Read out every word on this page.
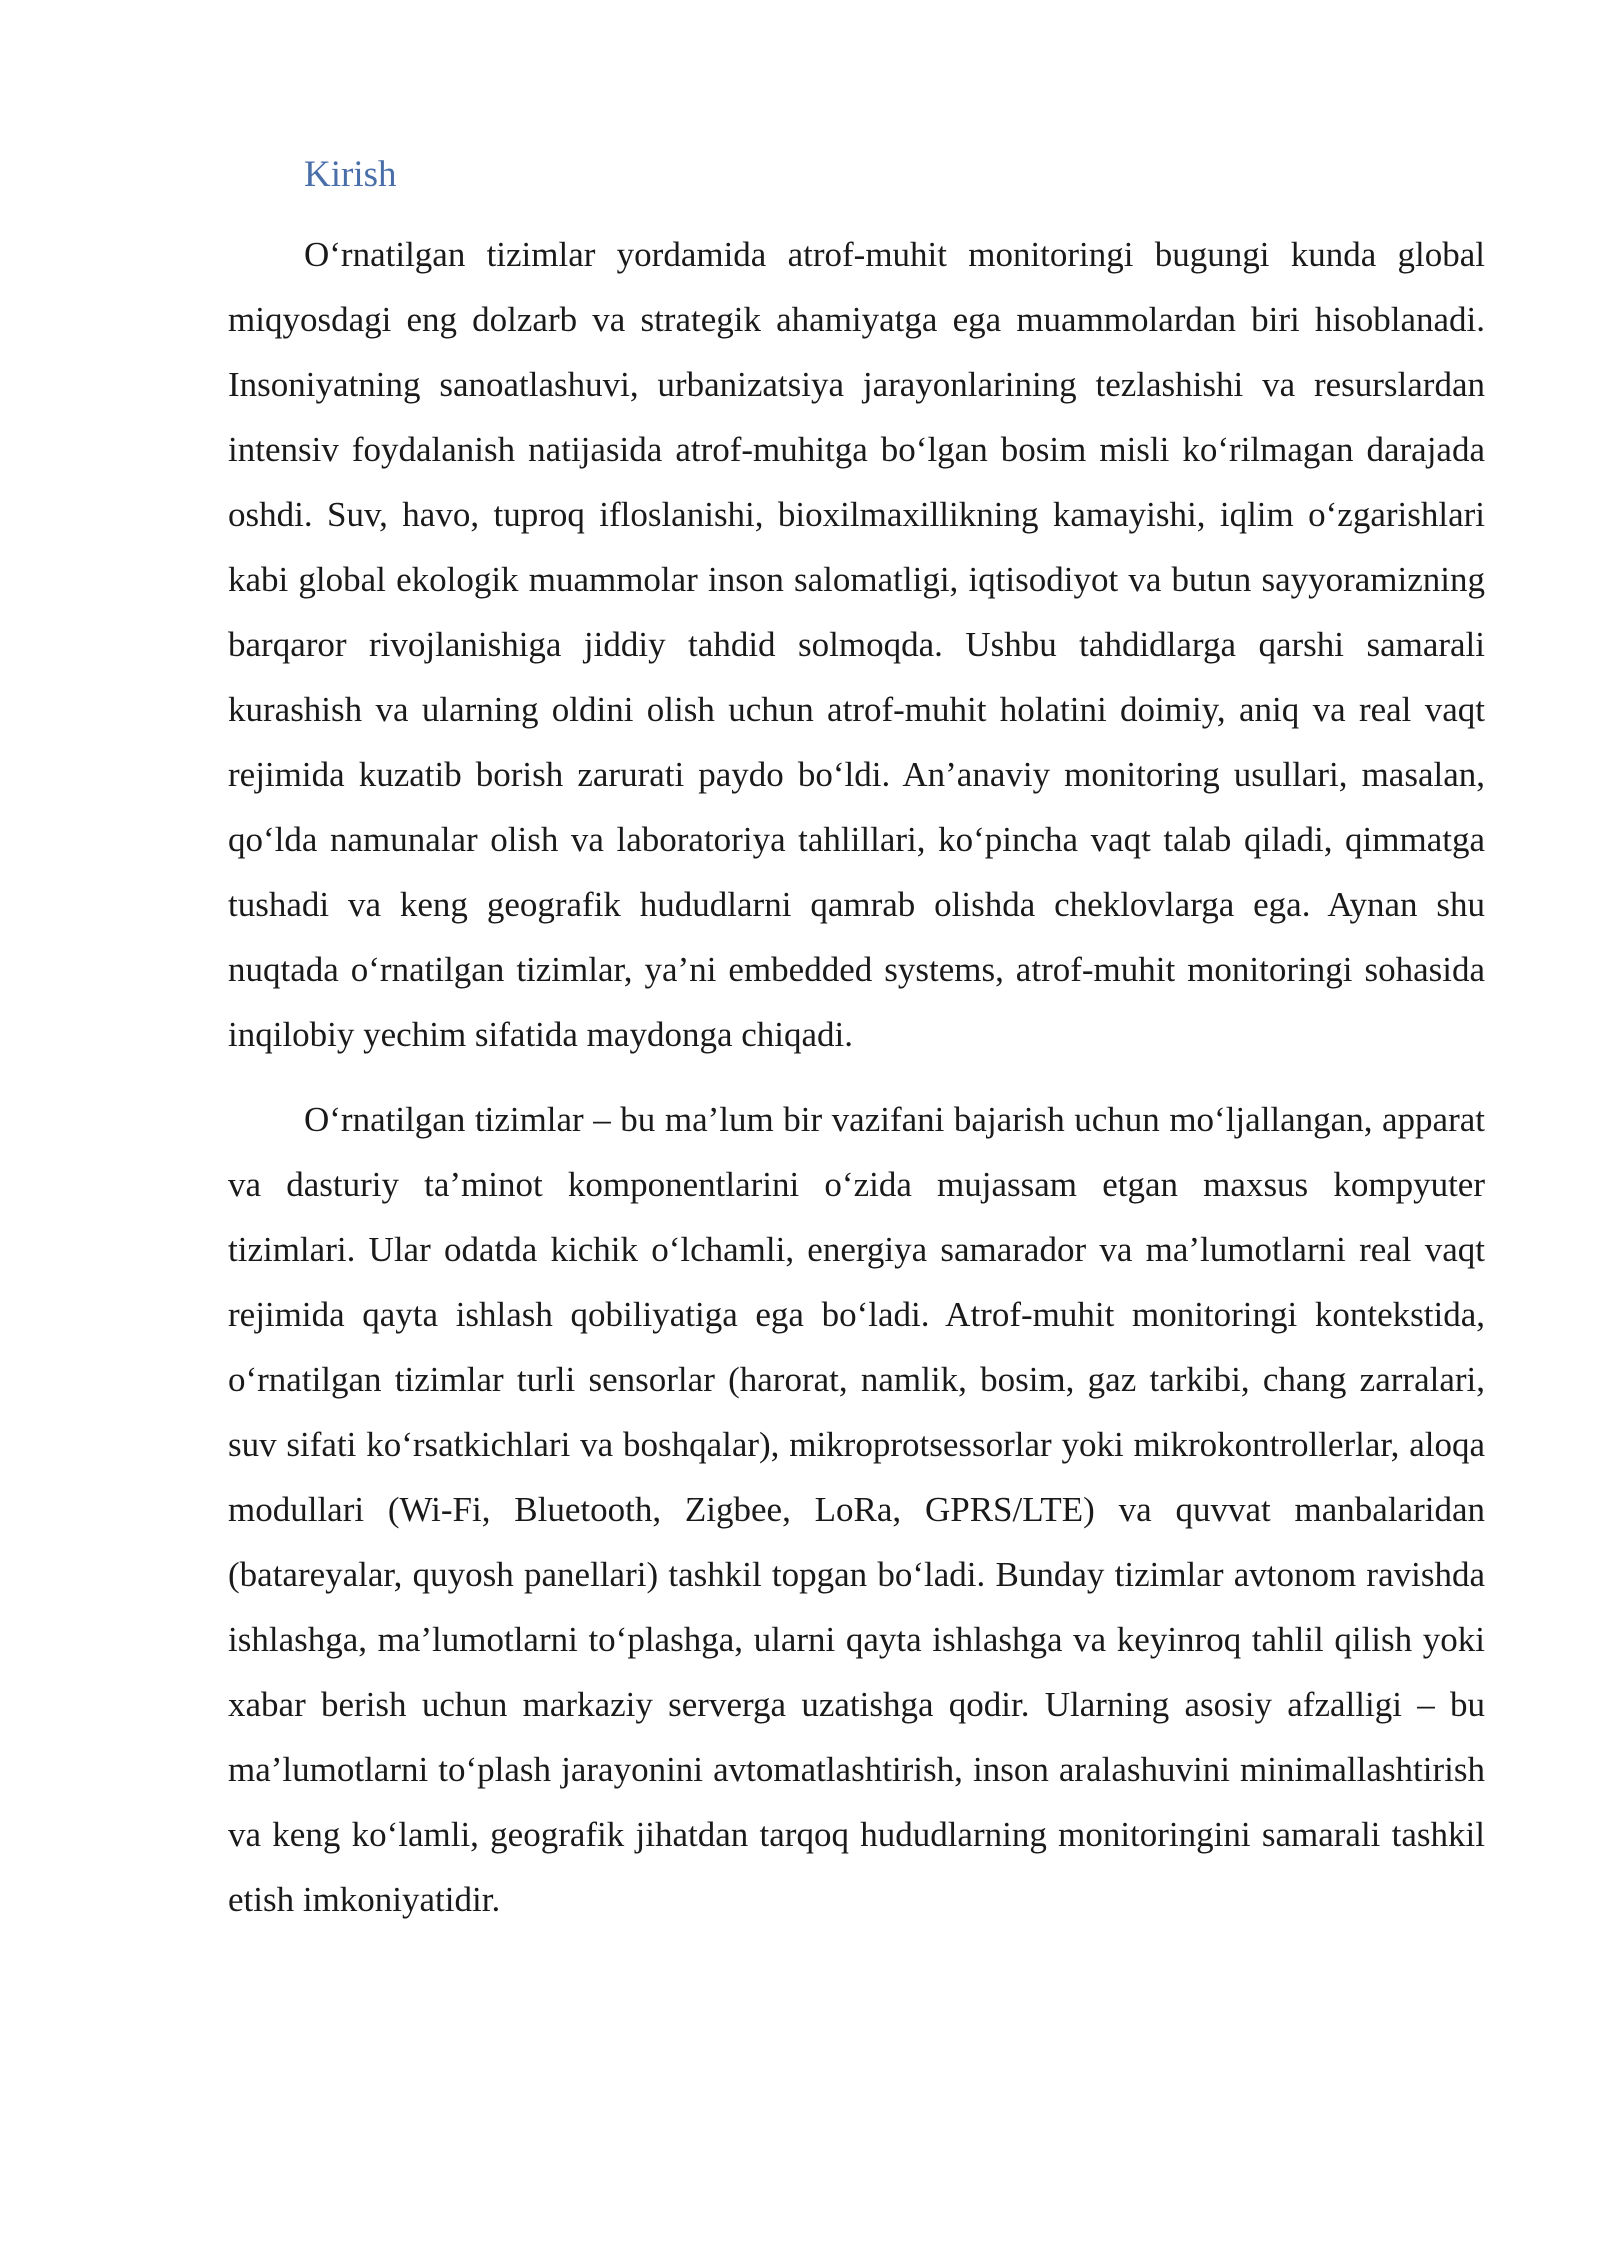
Kirish

O‘rnatilgan tizimlar yordamida atrof-muhit monitoringi bugungi kunda global miqyosdagi eng dolzarb va strategik ahamiyatga ega muammolardan biri hisoblanadi. Insoniyatning sanoatlashuvi, urbanizatsiya jarayonlarining tezlashishi va resurslardan intensiv foydalanish natijasida atrof-muhitga bo‘lgan bosim misli ko‘rilmagan darajada oshdi. Suv, havo, tuproq ifloslanishi, bioxilmaxillikning kamayishi, iqlim o‘zgarishlari kabi global ekologik muammolar inson salomatligi, iqtisodiyot va butun sayyoramizning barqaror rivojlanishiga jiddiy tahdid solmoqda. Ushbu tahdidlarga qarshi samarali kurashish va ularning oldini olish uchun atrof-muhit holatini doimiy, aniq va real vaqt rejimida kuzatib borish zarurati paydo bo‘ldi. An’anaviy monitoring usullari, masalan, qo‘lda namunalar olish va laboratoriya tahlillari, ko‘pincha vaqt talab qiladi, qimmatga tushadi va keng geografik hududlarni qamrab olishda cheklovlarga ega. Aynan shu nuqtada o‘rnatilgan tizimlar, ya’ni embedded systems, atrof-muhit monitoringi sohasida inqilobiy yechim sifatida maydonga chiqadi.

O‘rnatilgan tizimlar – bu ma’lum bir vazifani bajarish uchun mo‘ljallangan, apparat va dasturiy ta’minot komponentlarini o‘zida mujassam etgan maxsus kompyuter tizimlari. Ular odatda kichik o‘lchamli, energiya samarador va ma’lumotlarni real vaqt rejimida qayta ishlash qobiliyatiga ega bo‘ladi. Atrof-muhit monitoringi kontekstida, o‘rnatilgan tizimlar turli sensorlar (harorat, namlik, bosim, gaz tarkibi, chang zarralari, suv sifati ko‘rsatkichlari va boshqalar), mikroprotsessorlar yoki mikrokontrollerlar, aloqa modullari (Wi-Fi, Bluetooth, Zigbee, LoRa, GPRS/LTE) va quvvat manbalaridan (batareyalar, quyosh panellari) tashkil topgan bo‘ladi. Bunday tizimlar avtonom ravishda ishlashga, ma’lumotlarni to‘plashga, ularni qayta ishlashga va keyinroq tahlil qilish yoki xabar berish uchun markaziy serverga uzatishga qodir. Ularning asosiy afzalligi – bu ma’lumotlarni to‘plash jarayonini avtomatlashtirish, inson aralashuvini minimallashtirish va keng ko‘lamli, geografik jihatdan tarqoq hududlarning monitoringini samarali tashkil etish imkoniyatidir.
